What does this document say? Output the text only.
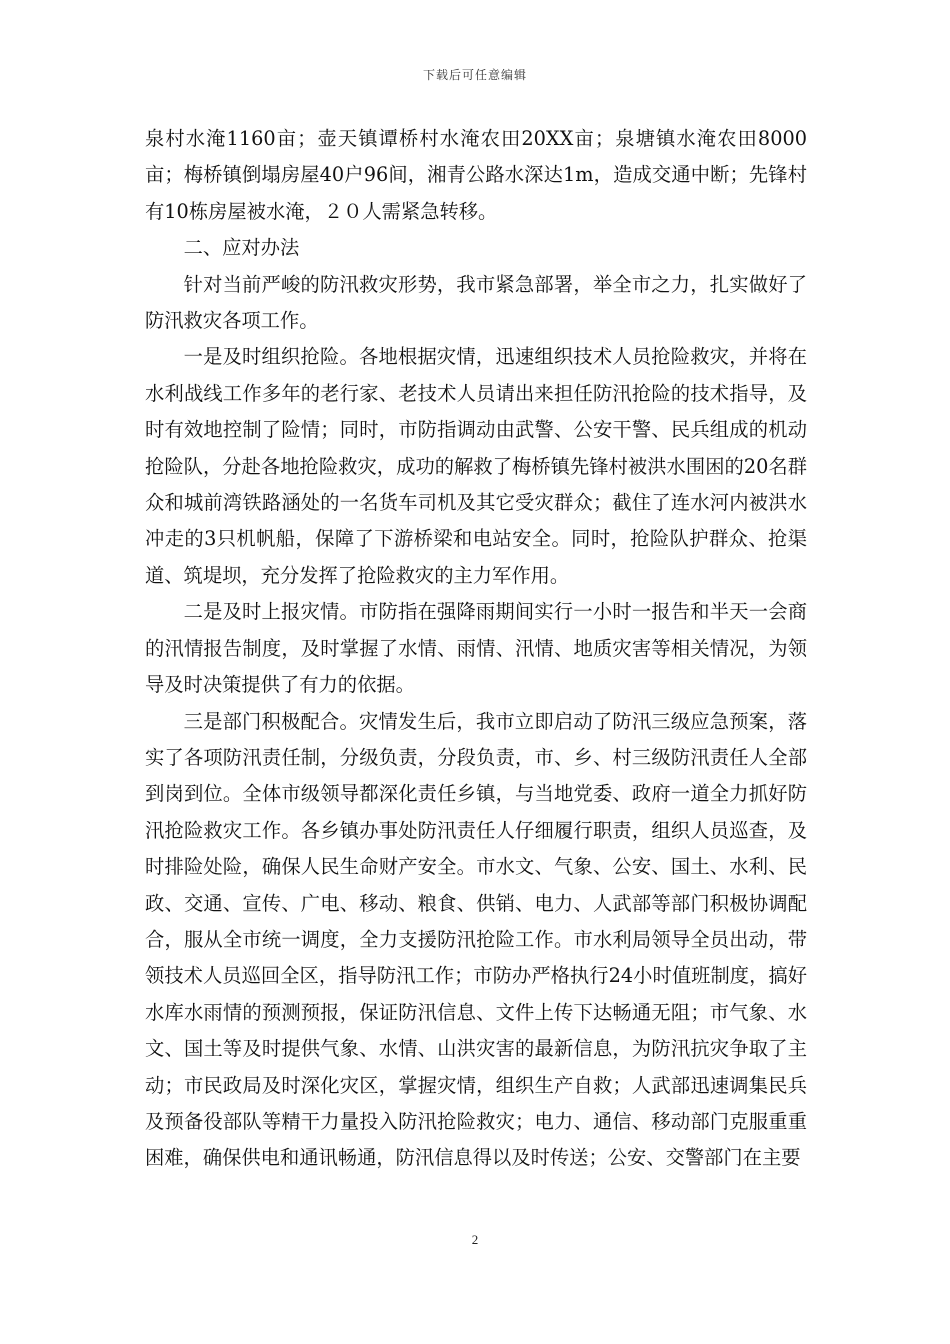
下载后可任意编辑

泉村水淹1160亩；壶天镇谭桥村水淹农田20XX亩；泉塘镇水淹农田8000亩；梅桥镇倒塌房屋40户96间，湘青公路水深达1m，造成交通中断；先锋村有10栋房屋被水淹，２０人需紧急转移。

二、应对办法

针对当前严峻的防汛救灾形势，我市紧急部署，举全市之力，扎实做好了防汛救灾各项工作。

一是及时组织抢险。各地根据灾情，迅速组织技术人员抢险救灾，并将在水利战线工作多年的老行家、老技术人员请出来担任防汛抢险的技术指导，及时有效地控制了险情；同时，市防指调动由武警、公安干警、民兵组成的机动抢险队，分赴各地抢险救灾，成功的解救了梅桥镇先锋村被洪水围困的20名群众和城前湾铁路涵处的一名货车司机及其它受灾群众；截住了连水河内被洪水冲走的3只机帆船，保障了下游桥梁和电站安全。同时，抢险队护群众、抢渠道、筑堤坝，充分发挥了抢险救灾的主力军作用。

二是及时上报灾情。市防指在强降雨期间实行一小时一报告和半天一会商的汛情报告制度，及时掌握了水情、雨情、汛情、地质灾害等相关情况，为领导及时决策提供了有力的依据。

三是部门积极配合。灾情发生后，我市立即启动了防汛三级应急预案，落实了各项防汛责任制，分级负责，分段负责，市、乡、村三级防汛责任人全部到岗到位。全体市级领导都深化责任乡镇，与当地党委、政府一道全力抓好防汛抢险救灾工作。各乡镇办事处防汛责任人仔细履行职责，组织人员巡查，及时排险处险，确保人民生命财产安全。市水文、气象、公安、国土、水利、民政、交通、宣传、广电、移动、粮食、供销、电力、人武部等部门积极协调配合，服从全市统一调度，全力支援防汛抢险工作。市水利局领导全员出动，带领技术人员巡回全区，指导防汛工作；市防办严格执行24小时值班制度，搞好水库水雨情的预测预报，保证防汛信息、文件上传下达畅通无阻；市气象、水文、国土等及时提供气象、水情、山洪灾害的最新信息，为防汛抗灾争取了主动；市民政局及时深化灾区，掌握灾情，组织生产自救；人武部迅速调集民兵及预备役部队等精干力量投入防汛抢险救灾；电力、通信、移动部门克服重重困难，确保供电和通讯畅通，防汛信息得以及时传送；公安、交警部门在主要

2
